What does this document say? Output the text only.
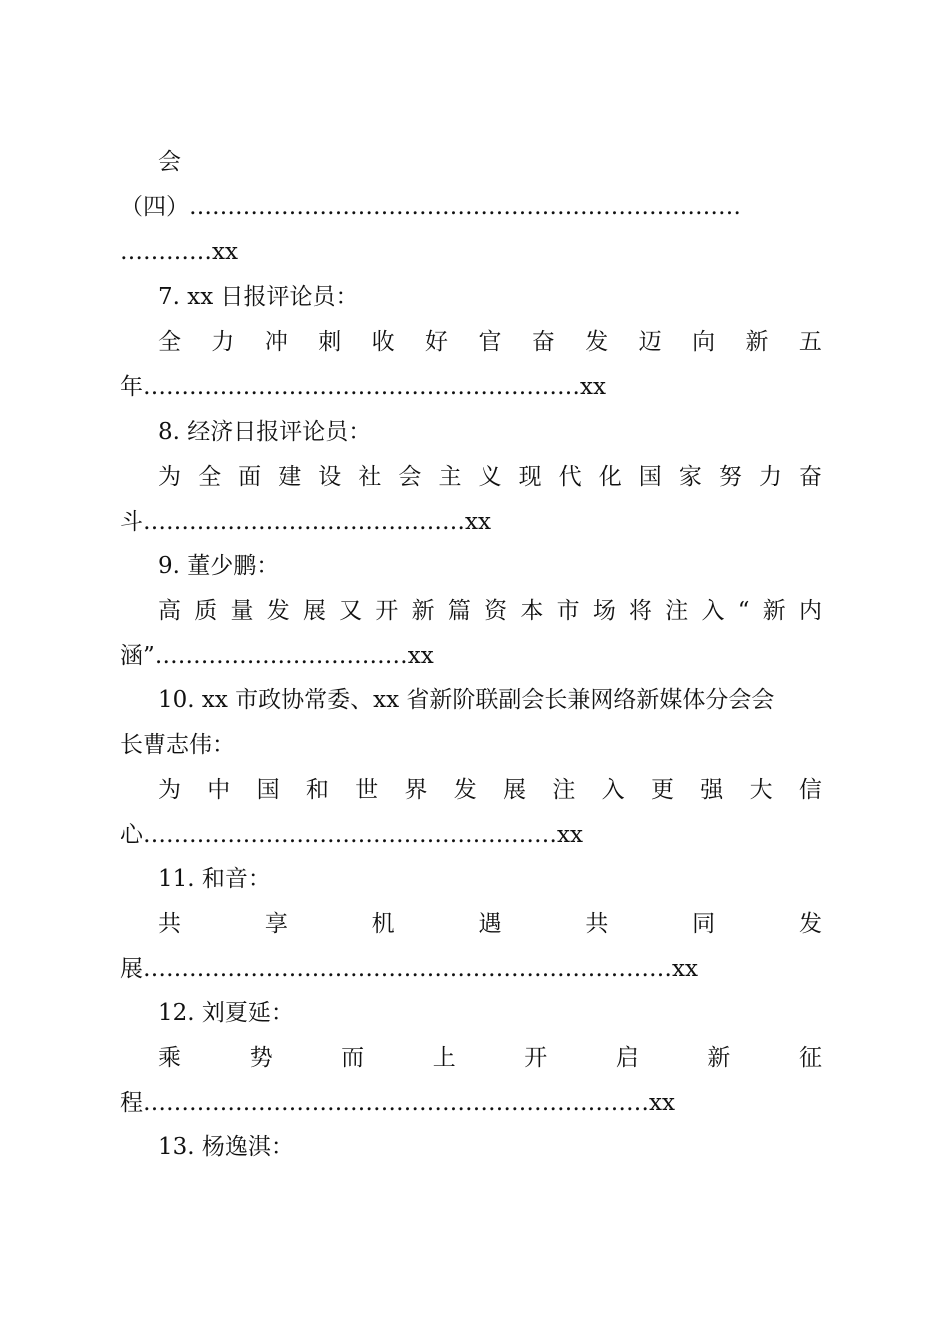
会
（四）………………………………………………………………
…………xx
7. xx 日报评论员：
全 力 冲 刺 收 好 官 奋 发 迈 向 新 五
年…………………………………………………xx
8. 经济日报评论员：
为 全 面 建 设 社 会 主 义 现 代 化 国 家 努 力 奋
斗……………………………………xx
9. 董少鹏：
高 质 量 发 展 又 开 新 篇 资 本 市 场 将 注 入 “ 新 内
涵”……………………………xx
10. xx 市政协常委、xx 省新阶联副会长兼网络新媒体分会会
长曹志伟：
为 中 国 和 世 界 发 展 注 入 更 强 大 信
心………………………………………………xx
11. 和音：
共	享	机	遇	共	同	发
展……………………………………………………………xx
12. 刘夏延：
乘	势	而	上	开	启	新	征
程…………………………………………………………xx
13. 杨逸淇：
